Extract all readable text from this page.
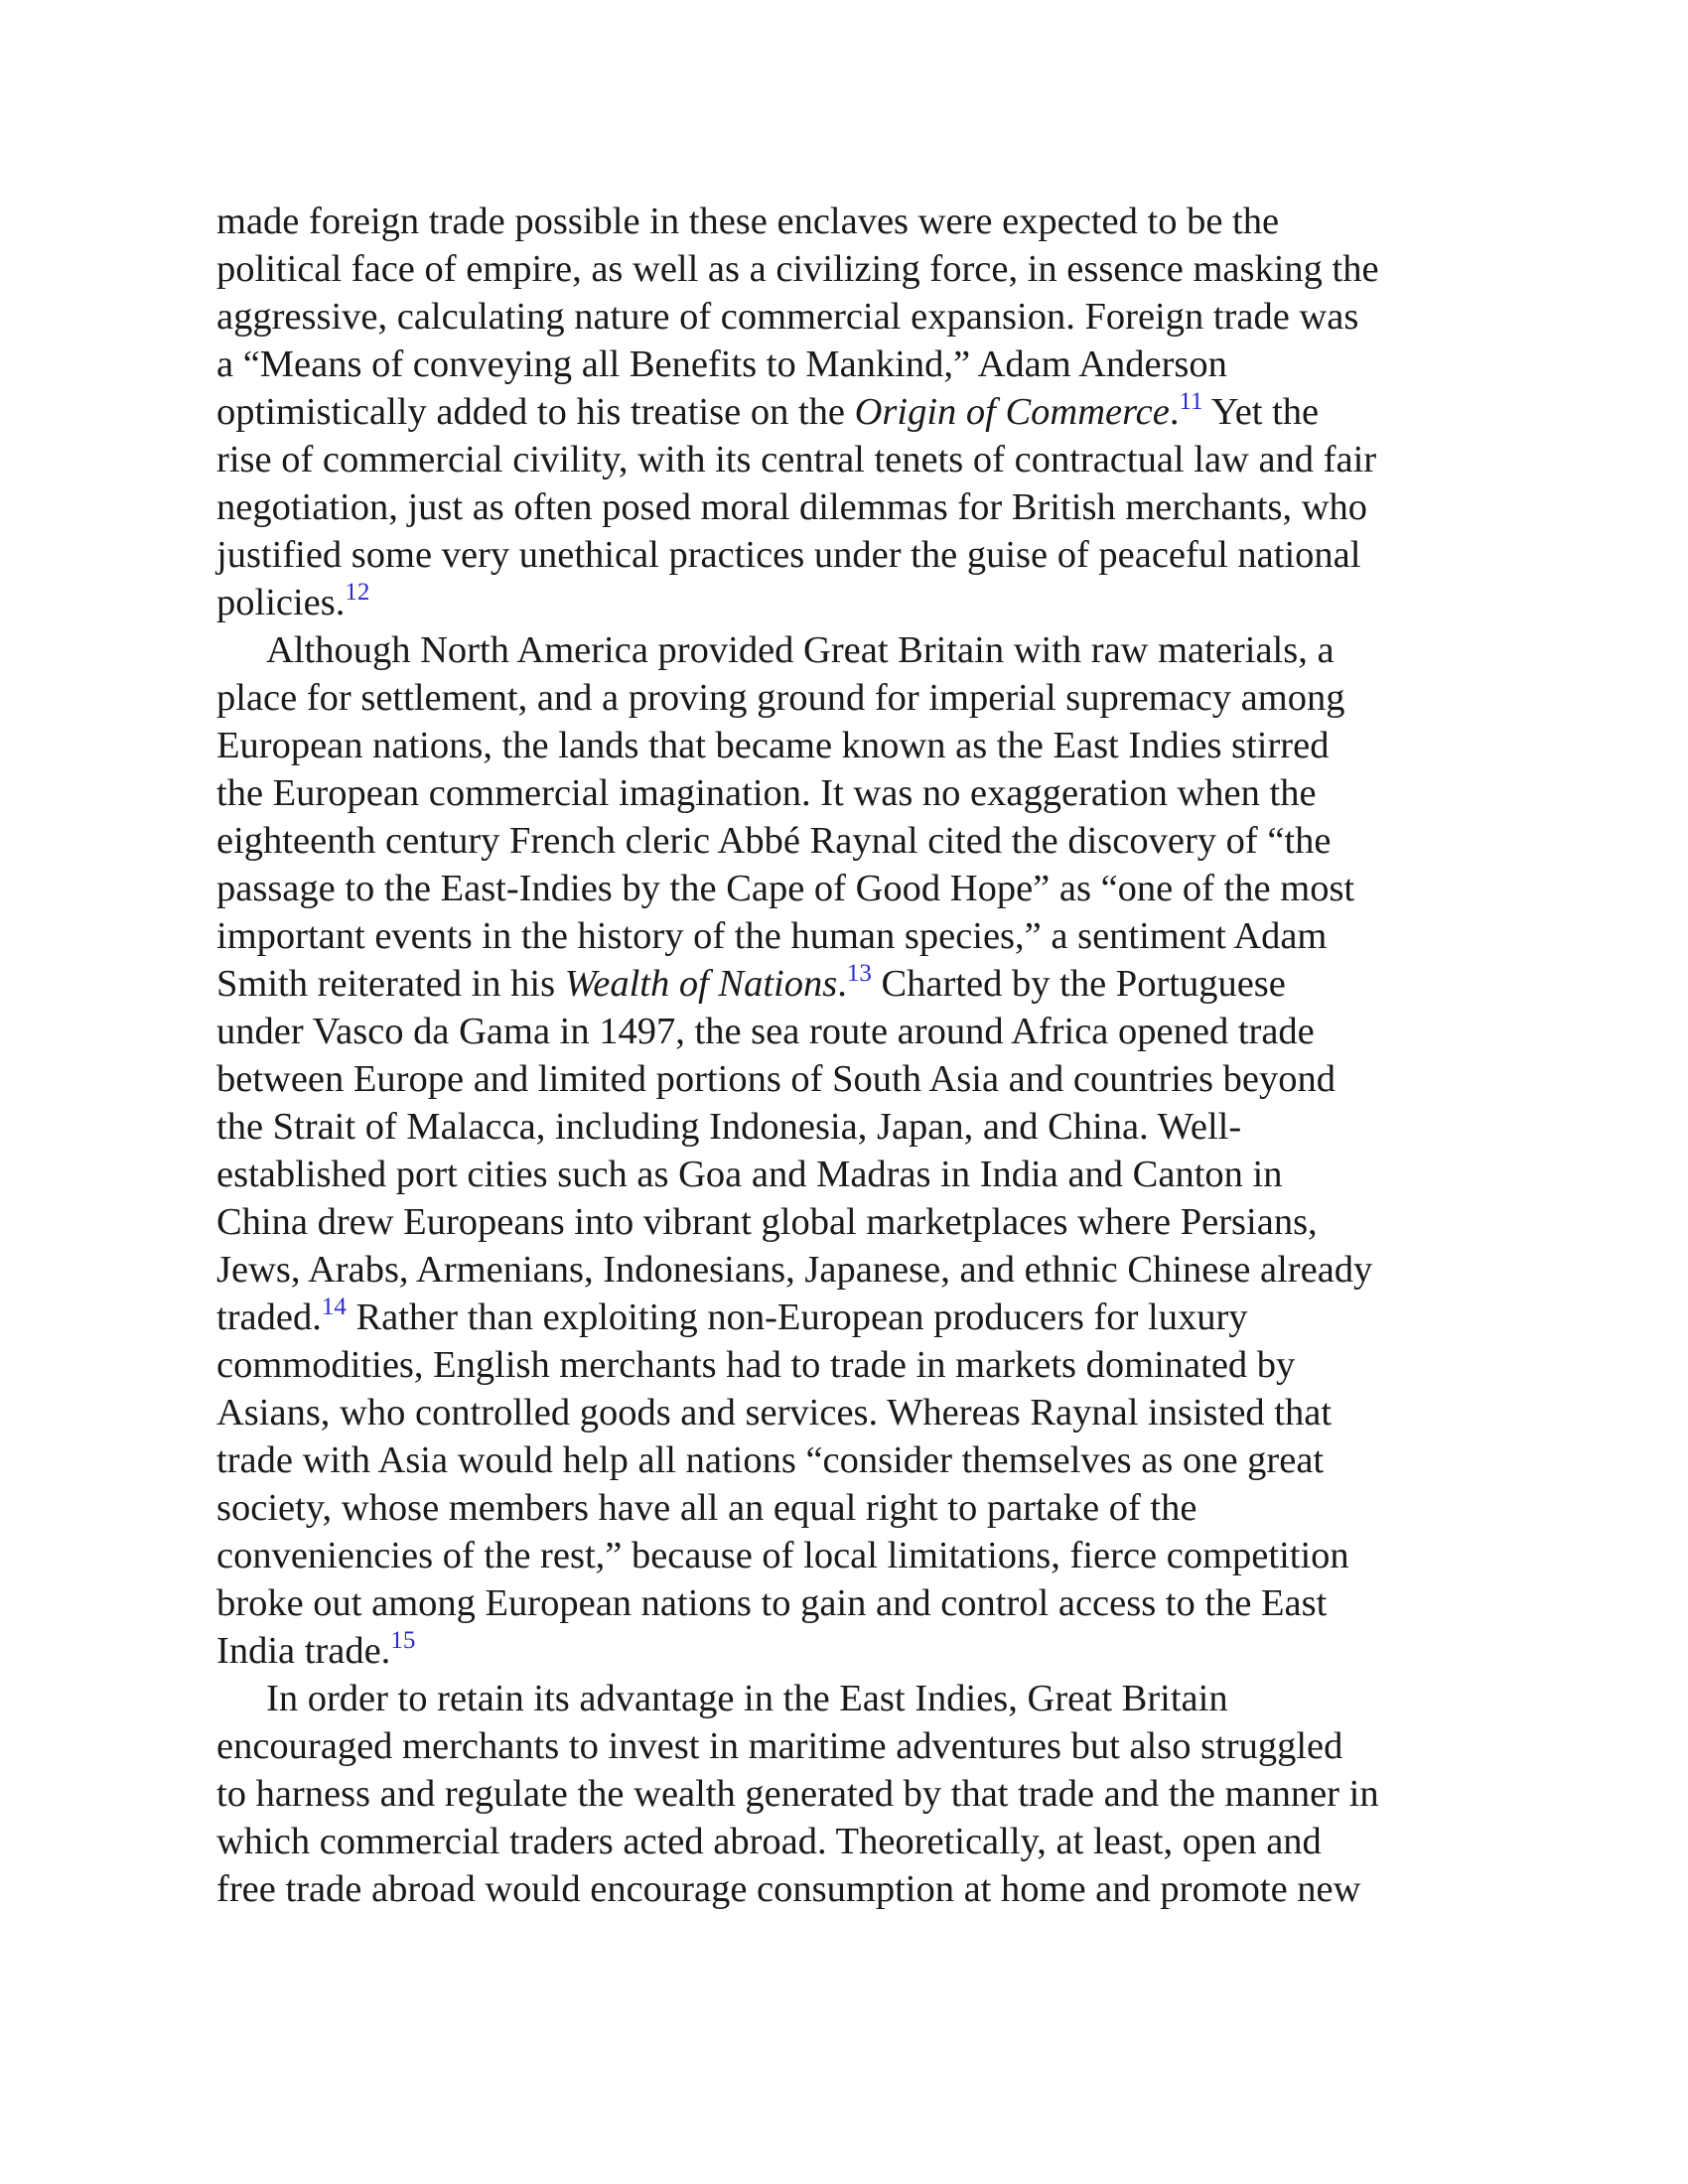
made foreign trade possible in these enclaves were expected to be the
political face of empire, as well as a civilizing force, in essence masking the
aggressive, calculating nature of commercial expansion. Foreign trade was
a “Means of conveying all Benefits to Mankind,” Adam Anderson
optimistically added to his treatise on the Origin of Commerce.$^{11}$ Yet the
rise of commercial civility, with its central tenets of contractual law and fair
negotiation, just as often posed moral dilemmas for British merchants, who
justified some very unethical practices under the guise of peaceful national
policies.$^{12}$
Although North America provided Great Britain with raw materials, a
place for settlement, and a proving ground for imperial supremacy among
European nations, the lands that became known as the East Indies stirred
the European commercial imagination. It was no exaggeration when the
eighteenth century French cleric Abbé Raynal cited the discovery of “the
passage to the East-Indies by the Cape of Good Hope” as “one of the most
important events in the history of the human species,” a sentiment Adam
Smith reiterated in his Wealth of Nations.$^{13}$ Charted by the Portuguese
under Vasco da Gama in 1497, the sea route around Africa opened trade
between Europe and limited portions of South Asia and countries beyond
the Strait of Malacca, including Indonesia, Japan, and China. Well-
established port cities such as Goa and Madras in India and Canton in
China drew Europeans into vibrant global marketplaces where Persians,
Jews, Arabs, Armenians, Indonesians, Japanese, and ethnic Chinese already
traded.$^{14}$ Rather than exploiting non-European producers for luxury
commodities, English merchants had to trade in markets dominated by
Asians, who controlled goods and services. Whereas Raynal insisted that
trade with Asia would help all nations “consider themselves as one great
society, whose members have all an equal right to partake of the
conveniencies of the rest,” because of local limitations, fierce competition
broke out among European nations to gain and control access to the East
India trade.$^{15}$
In order to retain its advantage in the East Indies, Great Britain
encouraged merchants to invest in maritime adventures but also struggled
to harness and regulate the wealth generated by that trade and the manner in
which commercial traders acted abroad. Theoretically, at least, open and
free trade abroad would encourage consumption at home and promote new
